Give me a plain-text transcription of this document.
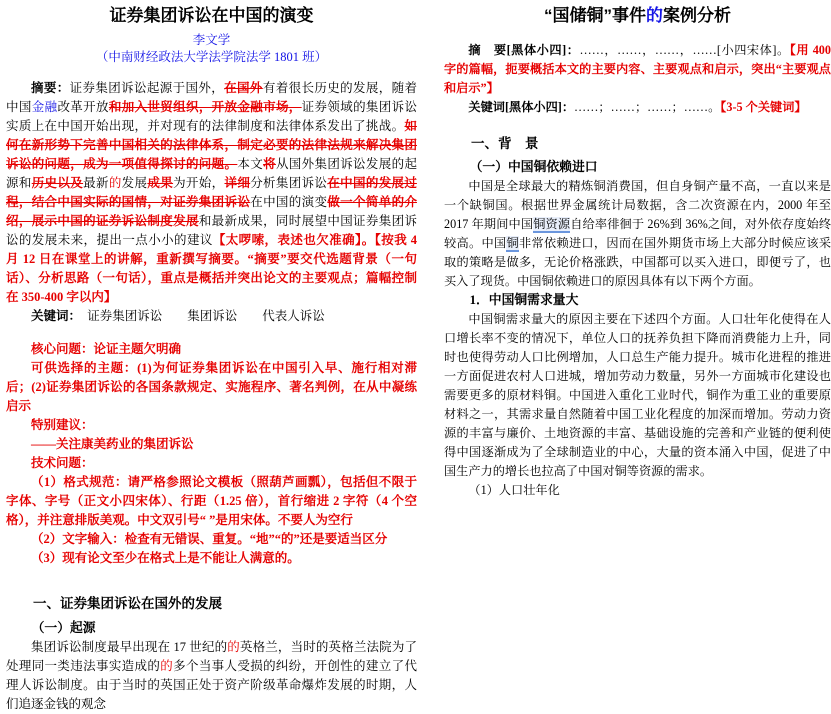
证券集团诉讼在中国的演变
李文学
（中南财经政法大学法学院法学 1801 班）
摘要：证券集团诉讼起源于国外，在国外有着很长历史的发展，随着中国金融改革开放和加入世贸组织，开放金融市场，证券领域的集团诉讼实质上在中国开始出现，并对现有的法律制度和法律体系发出了挑战。如何在新形势下完善中国相关的法律体系，制定必要的法律法规来解决集团诉讼的问题，成为一项值得探讨的问题。本文将从国外集团诉讼发展的起源和历史以及最新的发展成果为开始，详细分析集团诉讼在中国的发展过程，结合中国实际的国情，对证券集团诉讼在中国的演变做一个简单的介绍，展示中国的证券诉讼制度发展和最新成果，同时展望中国证券集团诉讼的发展未来，提出一点小小的建议【太啰嗦，表述也欠准确】。【按我 4 月 12 日在课堂上的讲解，重新撰写摘要。“摘要”要交代选题背景（一句话）、分析思路（一句话），重点是概括并突出论文的主要观点；篇幅控制在 350-400 字以内】
关键词：　证券集团诉讼　　集团诉讼　　代表人诉讼
核心问题：论证主题欠明确
可供选择的主题：(1)为何证券集团诉讼在中国引入早、施行相对滞后；(2)证券集团诉讼的各国条款规定、实施程序、著名判例，在从中凝练启示
特别建议：
——关注康美药业的集团诉讼
技术问题：
（1）格式规范：请严格参照论文模板（照葫芦画瓢），包括但不限于字体、字号（正文小四宋体）、行距（1.25 倍），首行缩进 2 字符（4 个空格），并注意排版美观。中文双引号“ ”是用宋体。不要人为空行
（2）文字输入：检查有无错误、重复。“地”“的”还是要适当区分
（3）现有论文至少在格式上是不能让人满意的。
一、证券集团诉讼在国外的发展
（一）起源
集团诉讼制度最早出现在 17 世纪的的英格兰，当时的英格兰法院为了处理同一类违法事实造成的的多个当事人受损的纠纷，开创性的建立了代理人诉讼制度。由于当时的英国正处于资产阶级革命爆炸发展的时期，人们追逐金钱的观念
“国储铜”事件的案例分析
摘　要[黑体小四]：……，……，……，……[小四宋体]。【用 400 字的篇幅，扼要概括本文的主要内容、主要观点和启示，突出“主要观点和启示”】
关键词[黑体小四]：……；……；……；……。【3-5 个关键词】
一、背　景
（一）中国铜依赖进口
中国是全球最大的精炼铜消费国，但自身铜产量不高，一直以来是一个缺铜国。根据世界金属统计局数据，含二次资源在内，2000 年至 2017 年期间中国铜资源自给率徘徊于 26%到 36%之间，对外依存度始终较高。中国铜非常依赖进口，因而在国外期货市场上大部分时候应该采取的策略是做多，无论价格涨跌，中国都可以买入进口，即便亏了，也买入了现货。中国铜依赖进口的原因具体有以下两个方面。
1．中国铜需求量大
中国铜需求量大的原因主要在下述四个方面。人口壮年化使得在人口增长率不变的情况下，单位人口的抚养负担下降而消费能力上升，同时也使得劳动人口比例增加，人口总生产能力提升。城市化进程的推进一方面促进农村人口进城，增加劳动力数量，另外一方面城市化建设也需要更多的原材料铜。中国进入重化工业时代，铜作为重工业的重要原材料之一，其需求量自然随着中国工业化程度的加深而增加。劳动力资源的丰富与廉价、土地资源的丰富、基础设施的完善和产业链的便利使得中国逐渐成为了全球制造业的中心，大量的资本涌入中国，促进了中国生产力的增长也拉高了中国对铜等资源的需求。
（1）人口壮年化
